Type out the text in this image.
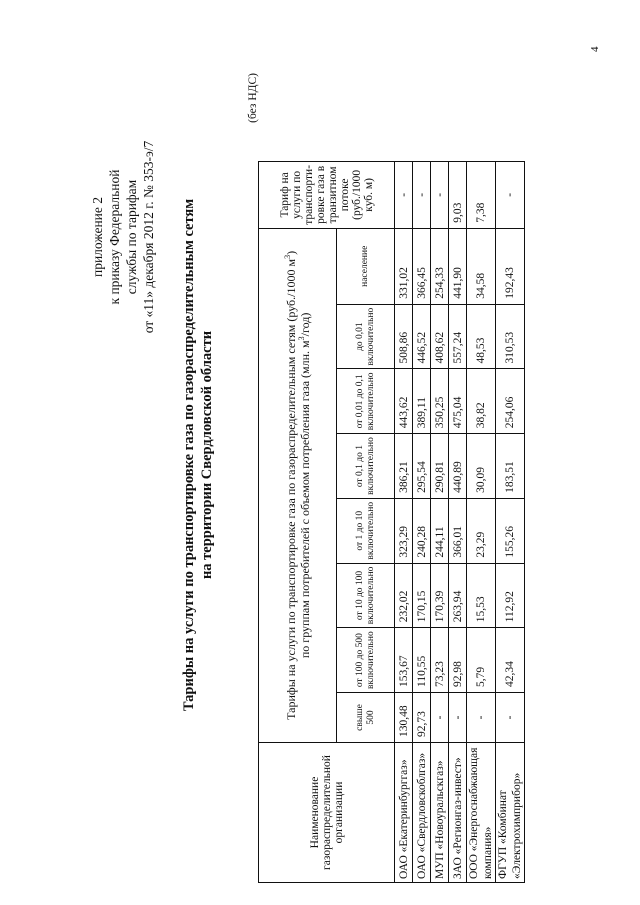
4
приложение 2 к приказу Федеральной службы по тарифам от «11» декабря 2012 г. № 353-э/7 Тарифы на услуги по транспортировке газа по газораспределительным сетям на территории Свердловской области
(без НДС)
Наименование газораспределительной организации	Тарифы на услуги по транспортировке газа по газораспределительным сетям (руб./1000 $м^3$)
по группам потребителей с объемом потребления газа (млн. $м^3/год$)								Тариф на услуги по транспорти-ровке газа в транзитном потоке (руб./1000 куб. м)
	свыше 500	от 100 до 500 включительно	от 10 до 100 включительно	от 1 до 10 включительно	от 0,1 до 1 включительно	от 0,01 до 0,1 включительно	до 0,01 включительно	население	
ОАО «Екатеринбурггаз»	130,48	153,67	232,02	323,29	386,21	443,62	508,86	331,02	-
ОАО «Свердловскоблгаз»	92,73	110,55	170,15	240,28	295,54	389,11	446,52	366,45	-
МУП «Новоуральскгаз»	-	73,23	170,39	244,11	290,81	350,25	408,62	254,33	-
ЗАО «Регионгаз-инвест»	-	92,98	263,94	366,01	440,89	475,04	557,24	441,90	9,03
ООО «Энергоснабжающая компания»	-	5,79	15,53	23,29	30,09	38,82	48,53	34,58	7,38
ФГУП «Комбинат «Электрохимприбор»	-	42,34	112,92	155,26	183,51	254,06	310,53	192,43	-
